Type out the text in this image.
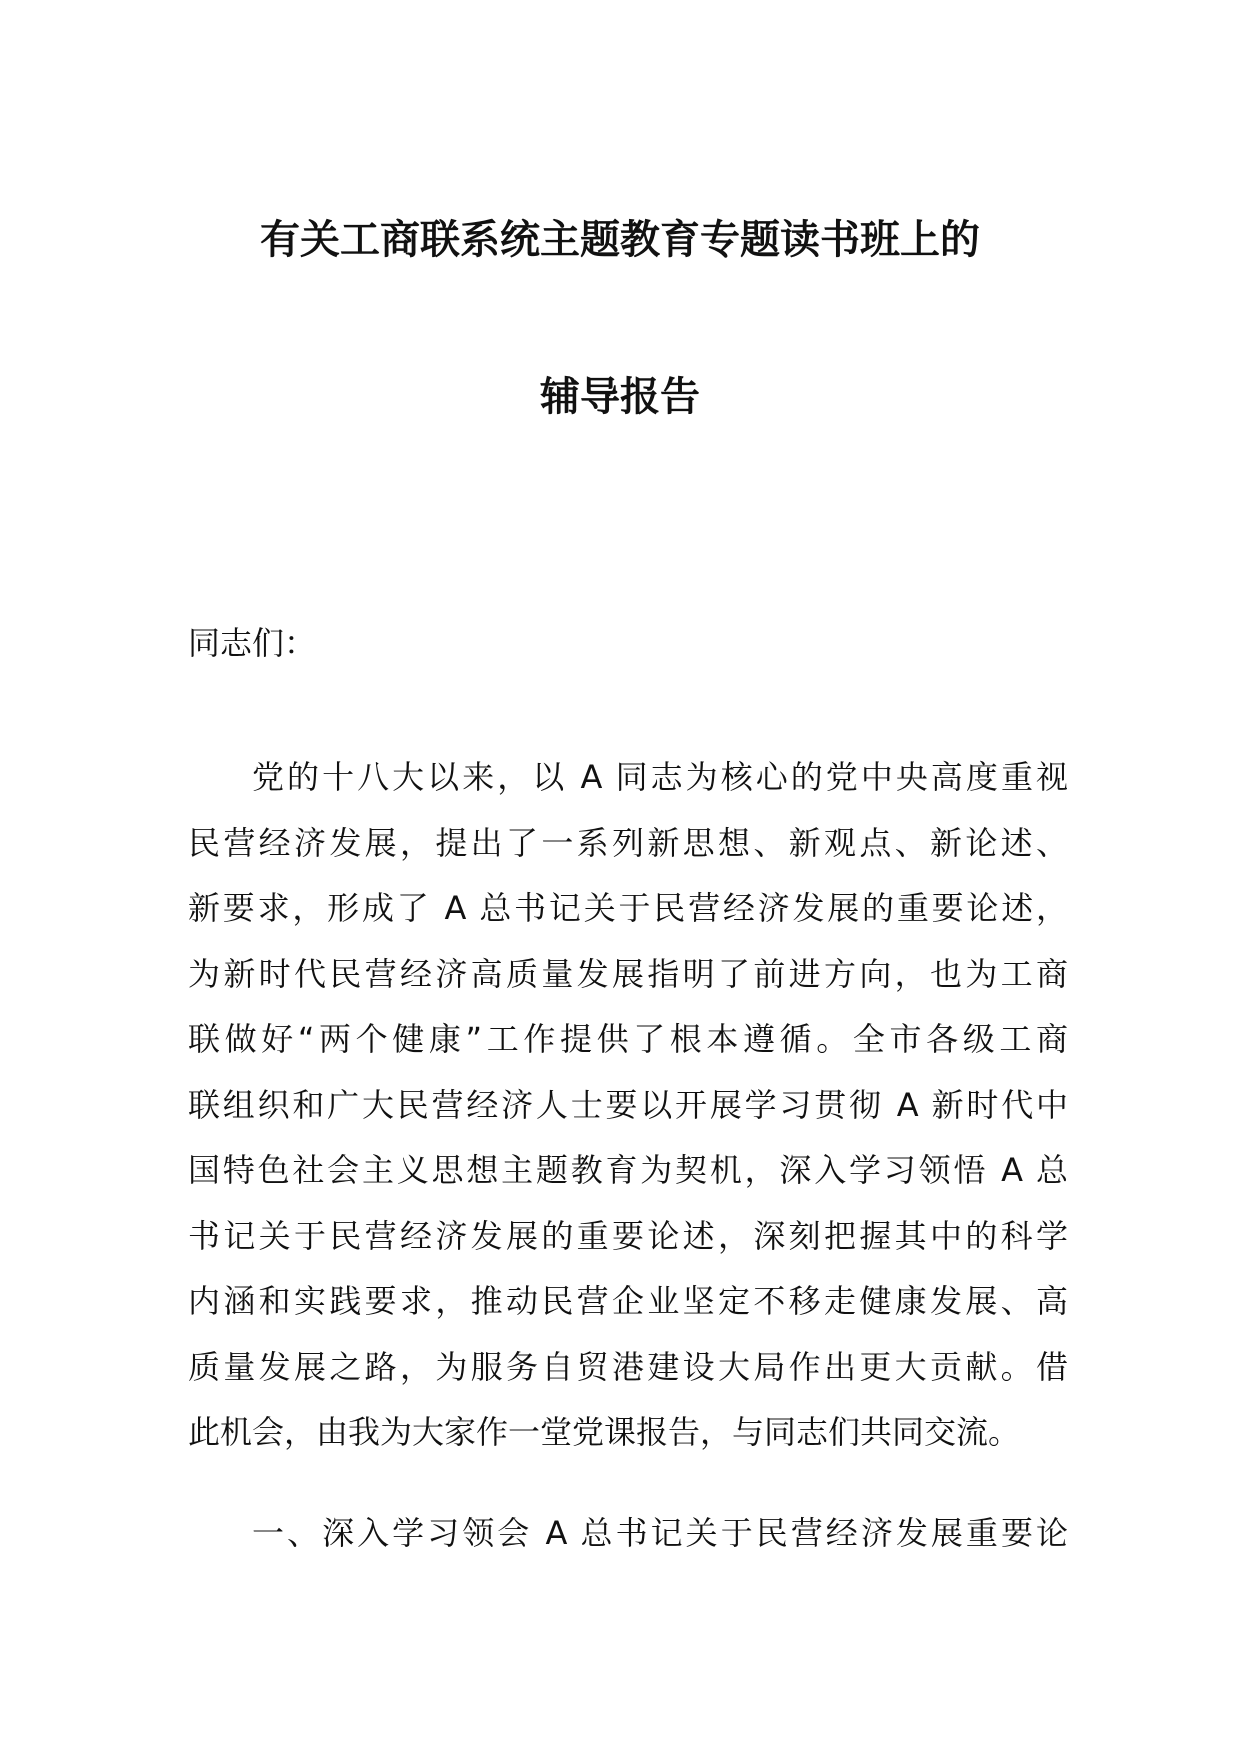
有关工商联系统主题教育专题读书班上的
辅导报告
同志们：
党的十八大以来，以 A 同志为核心的党中央高度重视
民营经济发展，提出了一系列新思想、新观点、新论述、
新要求，形成了 A 总书记关于民营经济发展的重要论述，
为新时代民营经济高质量发展指明了前进方向，也为工商
联做好“两个健康”工作提供了根本遵循。全市各级工商
联组织和广大民营经济人士要以开展学习贯彻 A 新时代中
国特色社会主义思想主题教育为契机，深入学习领悟 A 总
书记关于民营经济发展的重要论述，深刻把握其中的科学
内涵和实践要求，推动民营企业坚定不移走健康发展、高
质量发展之路，为服务自贸港建设大局作出更大贡献。借
此机会，由我为大家作一堂党课报告，与同志们共同交流。
一、深入学习领会 A 总书记关于民营经济发展重要论
